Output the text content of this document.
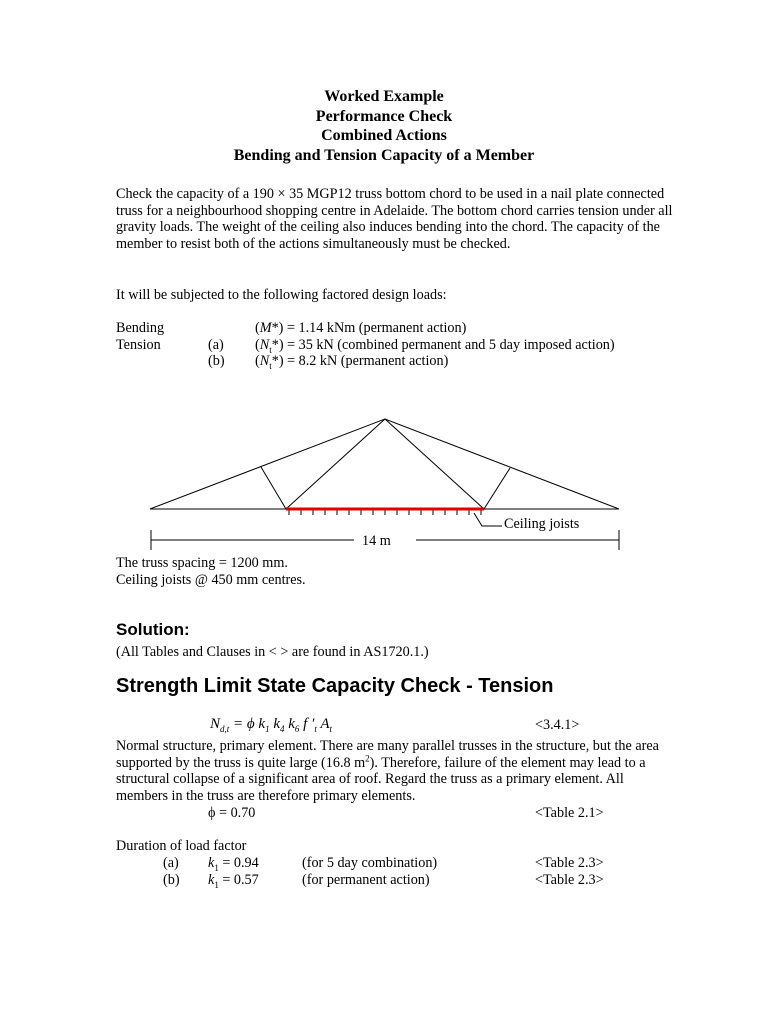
Worked Example
Performance Check
Combined Actions
Bending and Tension Capacity of a Member
Check the capacity of a 190 × 35 MGP12 truss bottom chord to be used in a nail plate connected truss for a neighbourhood shopping centre in Adelaide. The bottom chord carries tension under all gravity loads. The weight of the ceiling also induces bending into the chord. The capacity of the member to resist both of the actions simultaneously must be checked.
It will be subjected to the following factored design loads:
Bending	(M*) = 1.14 kNm (permanent action)
Tension	(a) $(N_t*) = 35$ kN (combined permanent and 5 day imposed action)
(b) $(N_t*) = 8.2$ kN (permanent action)
14 m
Ceiling joists
The truss spacing = 1200 mm.
Ceiling joists @ 450 mm centres.
Solution:
(All Tables and Clauses in < > are found in AS1720.1.)
Strength Limit State Capacity Check - Tension
$N_{d,t} = \phi$ $k_1$ $k_4$ $k_6$ f $'_t$ $A_t$	<3.4.1>
Normal structure, primary element. There are many parallel trusses in the structure, but the area supported by the truss is quite large (16.8 $m^2$). Therefore, failure of the element may lead to a structural collapse of a significant area of roof. Regard the truss as a primary element. All members in the truss are therefore primary elements.
ϕ = 0.70	<Table 2.1>
Duration of load factor
(a) $k_1 = 0.94$	(for 5 day combination)	<Table 2.3>
(b) $k_1 = 0.57$	(for permanent action)	<Table 2.3>
